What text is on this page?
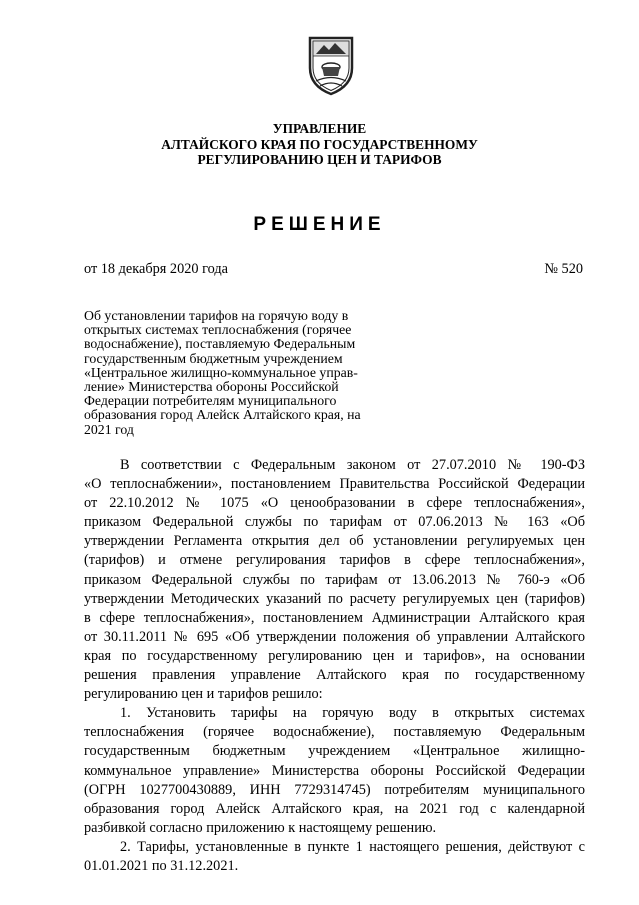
УПРАВЛЕНИЕ
АЛТАЙСКОГО КРАЯ ПО ГОСУДАРСТВЕННОМУ
РЕГУЛИРОВАНИЮ ЦЕН И ТАРИФОВ
РЕШЕНИЕ
от 18 декабря 2020 года	№ 520
Об установлении тарифов на горячую воду в
открытых системах теплоснабжения (горячее
водоснабжение), поставляемую Федеральным
государственным бюджетным учреждением
«Центральное жилищно-коммунальное управ-
ление» Министерства обороны Российской
Федерации потребителям муниципального
образования город Алейск Алтайского края, на
2021 год
В соответствии с Федеральным законом от 27.07.2010 № 190-ФЗ
«О теплоснабжении», постановлением Правительства Российской Федерации
от 22.10.2012 № 1075 «О ценообразовании в сфере теплоснабжения»,
приказом Федеральной службы по тарифам от 07.06.2013 № 163 «Об
утверждении Регламента открытия дел об установлении регулируемых цен
(тарифов) и отмене регулирования тарифов в сфере теплоснабжения»,
приказом Федеральной службы по тарифам от 13.06.2013 № 760-э «Об
утверждении Методических указаний по расчету регулируемых цен (тарифов)
в сфере теплоснабжения», постановлением Администрации Алтайского края
от 30.11.2011 № 695 «Об утверждении положения об управлении Алтайского
края по государственному регулированию цен и тарифов», на основании
решения правления управление Алтайского края по государственному
регулированию цен и тарифов решило:
1. Установить тарифы на горячую воду в открытых системах
теплоснабжения (горячее водоснабжение), поставляемую Федеральным
государственным бюджетным учреждением «Центральное жилищно-
коммунальное управление» Министерства обороны Российской Федерации
(ОГРН 1027700430889, ИНН 7729314745) потребителям муниципального
образования город Алейск Алтайского края, на 2021 год с календарной
разбивкой согласно приложению к настоящему решению.
2. Тарифы, установленные в пункте 1 настоящего решения, действуют с
01.01.2021 по 31.12.2021.
